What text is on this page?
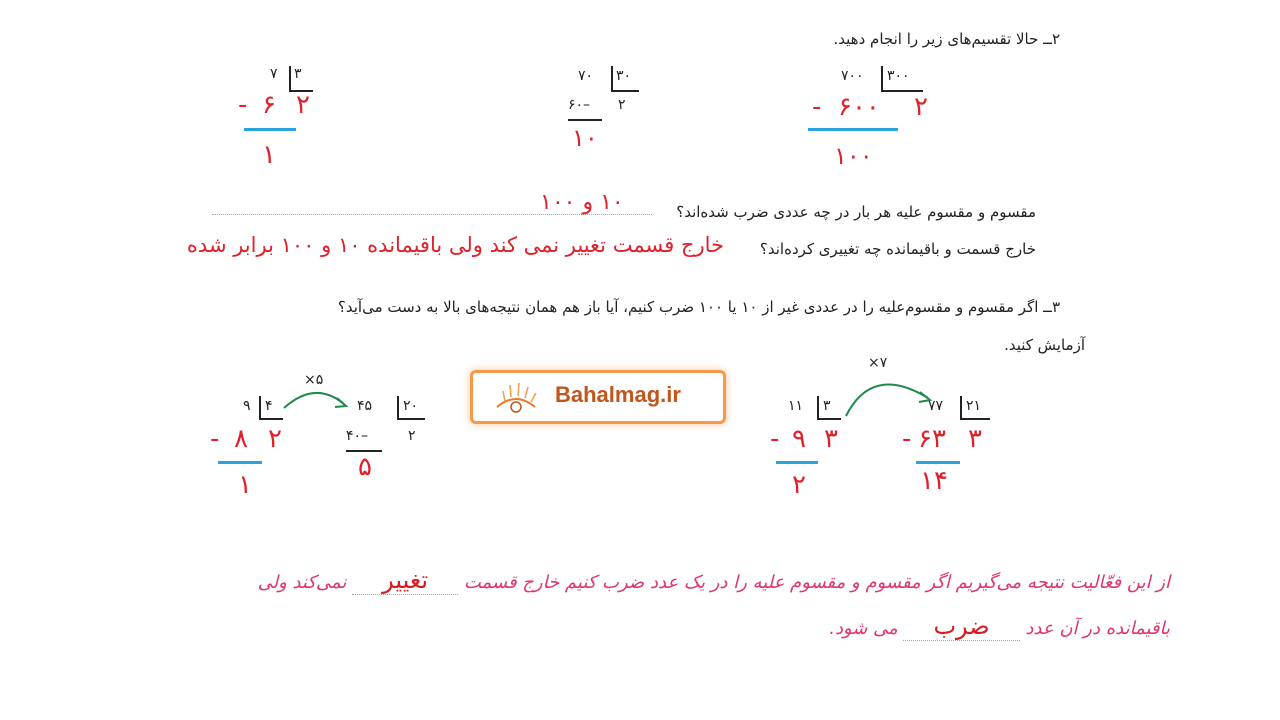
۲ــ حالا تقسیم‌های زیر را انجام دهید.
۷ ۳
- ۶ ۲
۱
۷۰ ۳۰
۶۰– ۲
۱۰
۷۰۰ ۳۰۰
- ۶۰۰ ۲
۱۰۰
مقسوم و مقسوم علیه هر بار در چه عددی ضرب شده‌اند؟
۱۰ و ۱۰۰
خارج قسمت و باقیمانده چه تغییری کرده‌اند؟
خارج قسمت تغییر نمی کند ولی باقیمانده ۱۰ و ۱۰۰ برابر شده
۳ــ اگر مقسوم و مقسوم‌علیه را در عددی غیر از ۱۰ یا ۱۰۰ ضرب کنیم، آیا باز هم همان نتیجه‌های بالا به دست می‌آید؟
آزمایش کنید.
۹ ۴
- ۸ ۲
۱
×۵
۴۵ ۲۰
۴۰–	۲
۵
Bahalmag.ir	۱۱ ۳
- ۹ ۳
۲
×۷
۷۷ ۲۱
- ۶۳ ۳
۱۴
از این فعّالیت نتیجه می‌گیریم اگر مقسوم و مقسوم علیه را در یک عدد ضرب کنیم خارج قسمت تغییر نمی‌کند ولی
باقیمانده در آن عدد ضرب می شود.
